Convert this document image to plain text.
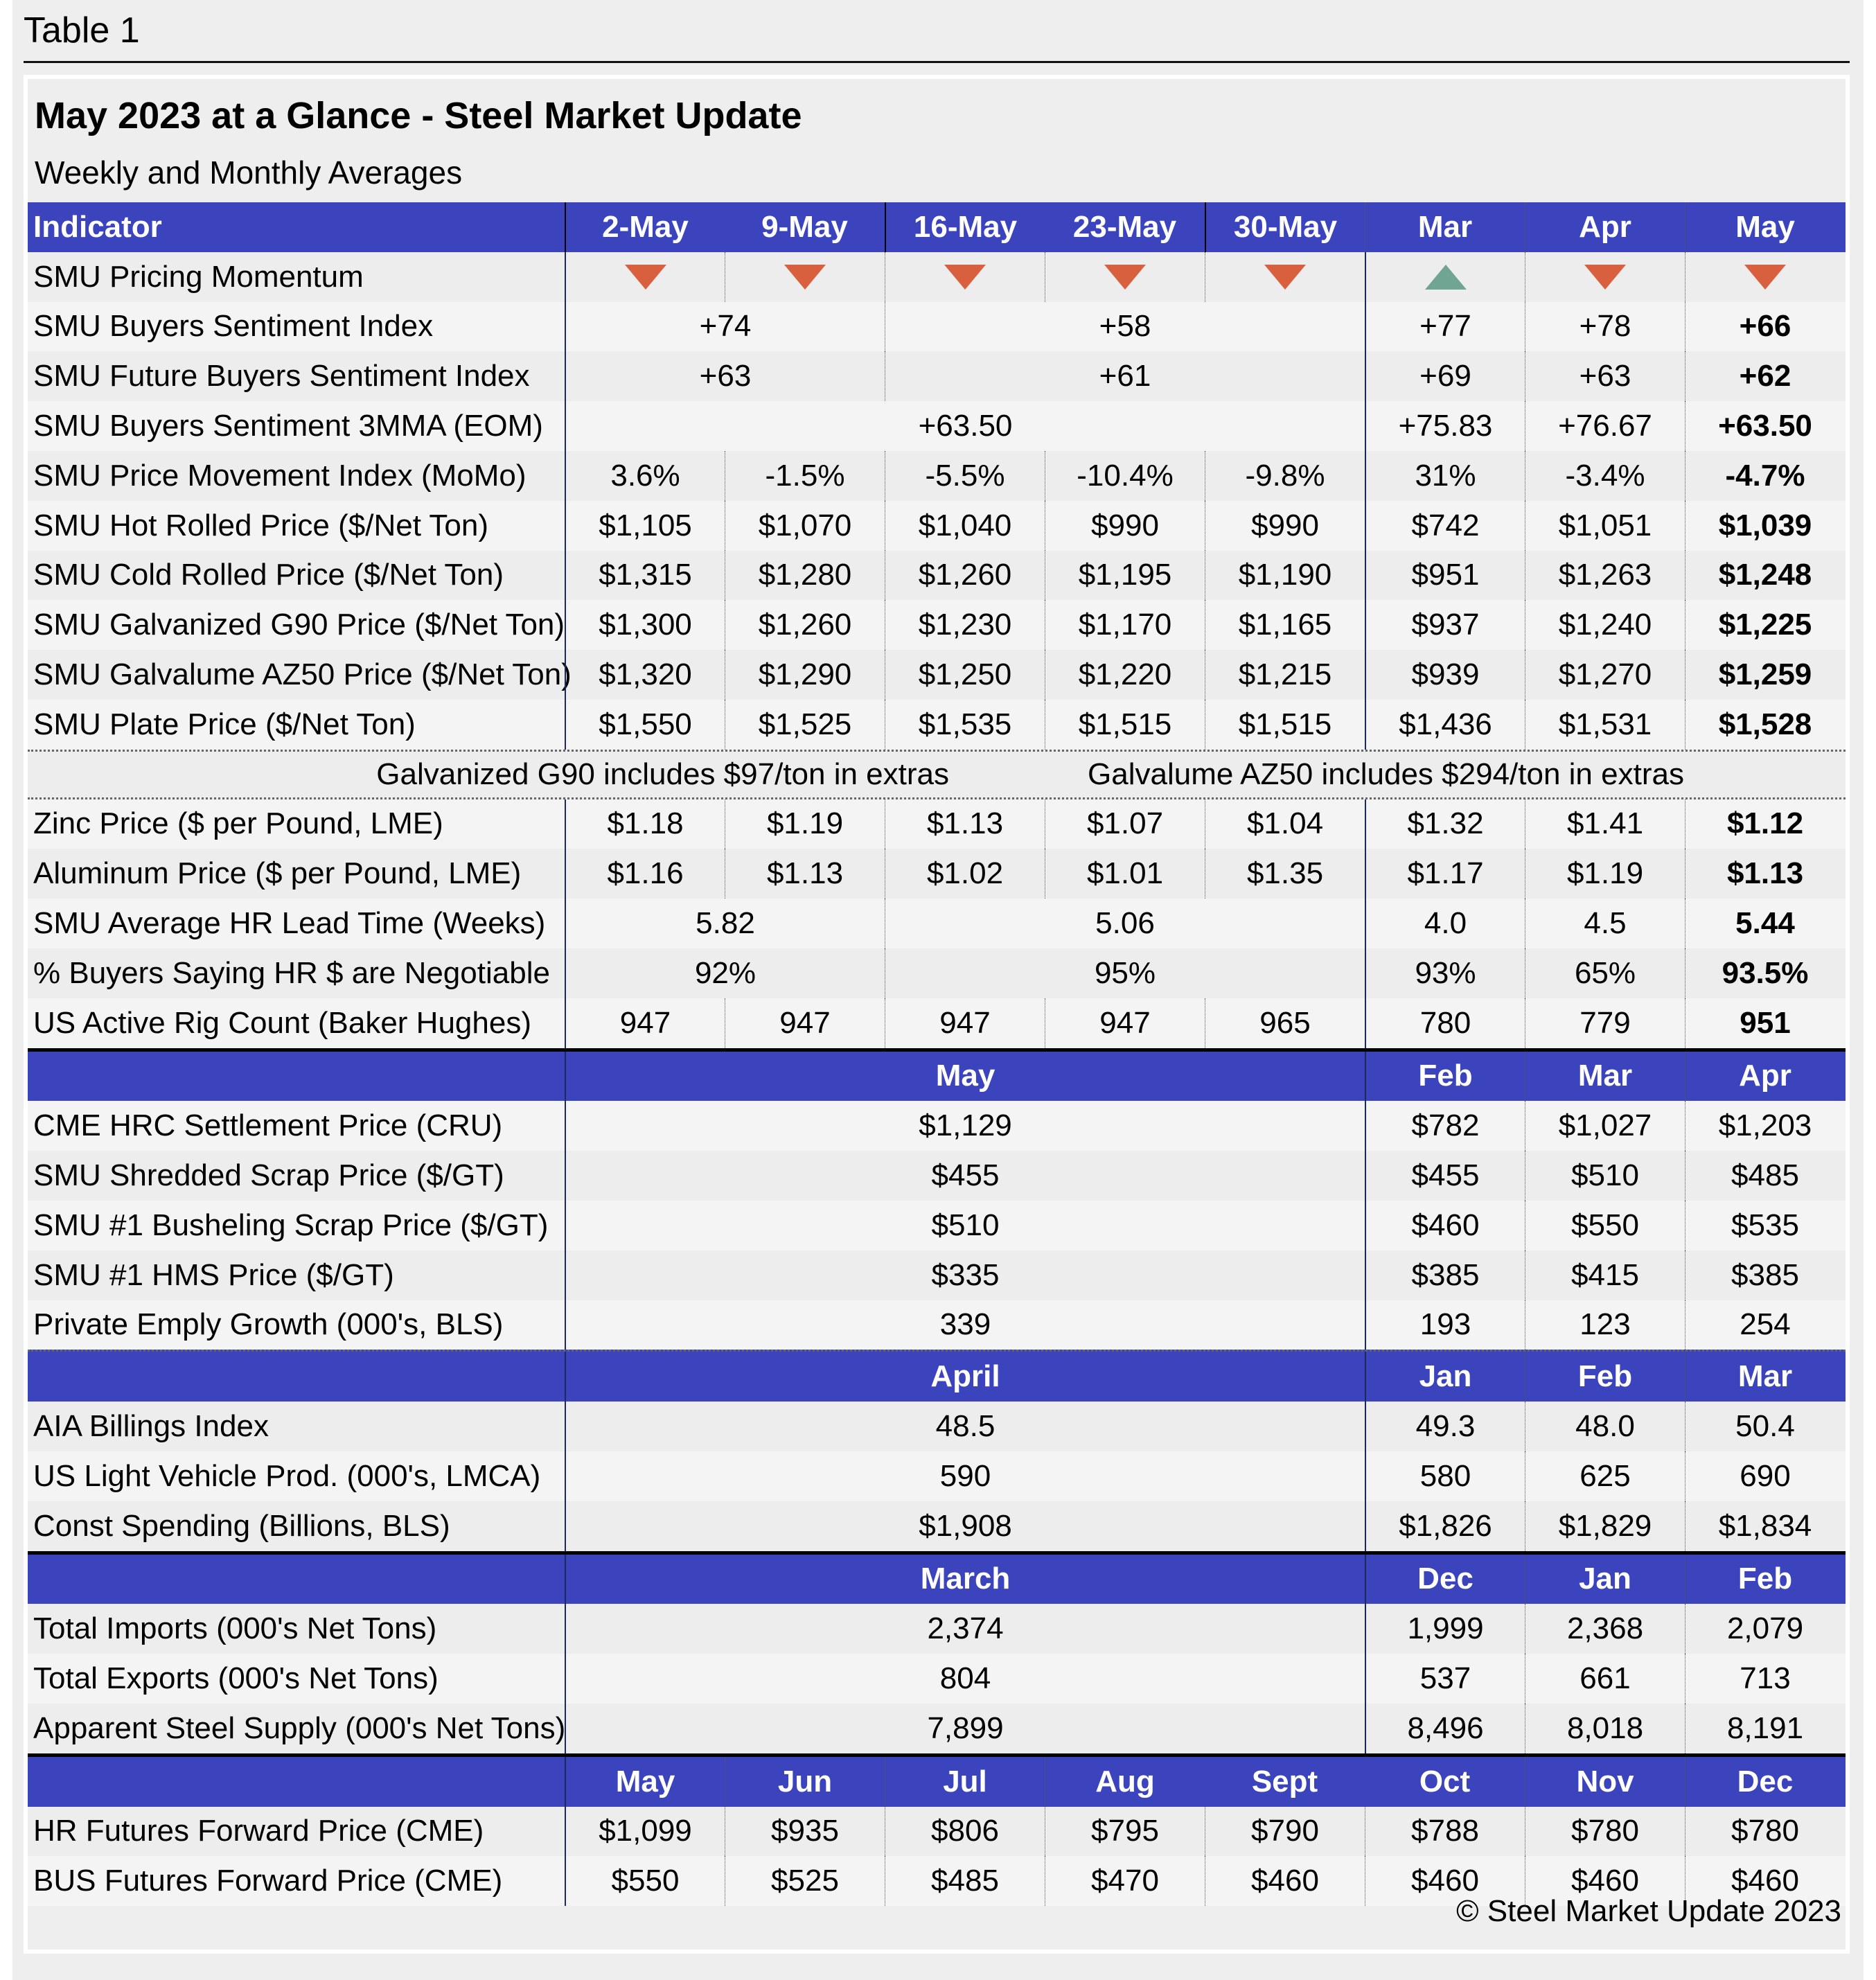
Table 1
May 2023 at a Glance - Steel Market Update
Weekly and Monthly Averages
Indicator	2-May	9-May	16-May	23-May	30-May	Mar	Apr	May
SMU Pricing Momentum
SMU Buyers Sentiment Index	+74	+58	+77	+78	+66
SMU Future Buyers Sentiment Index	+63	+61	+69	+63	+62
SMU Buyers Sentiment 3MMA (EOM)	+63.50	+75.83	+76.67	+63.50
SMU Price Movement Index (MoMo)	3.6%	-1.5%	-5.5%	-10.4%	-9.8%	31%	-3.4%	-4.7%
SMU Hot Rolled Price ($/Net Ton)	$1,105	$1,070	$1,040	$990	$990	$742	$1,051	$1,039
SMU Cold Rolled Price ($/Net Ton)	$1,315	$1,280	$1,260	$1,195	$1,190	$951	$1,263	$1,248
SMU Galvanized G90 Price ($/Net Ton)	$1,300	$1,260	$1,230	$1,170	$1,165	$937	$1,240	$1,225
SMU Galvalume AZ50 Price ($/Net Ton) $1,320	$1,290	$1,250	$1,220	$1,215	$939	$1,270	$1,259
SMU Plate Price ($/Net Ton)	$1,550	$1,525	$1,535	$1,515	$1,515	$1,436	$1,531	$1,528
Galvanized G90 includes $97/ton in extras	Galvalume AZ50 includes $294/ton in extras
Zinc Price ($ per Pound, LME)	$1.18	$1.19	$1.13	$1.07	$1.04	$1.32	$1.41	$1.12
Aluminum Price ($ per Pound, LME)	$1.16	$1.13	$1.02	$1.01	$1.35	$1.17	$1.19	$1.13
SMU Average HR Lead Time (Weeks)	5.82	5.06	4.0	4.5	5.44
% Buyers Saying HR $ are Negotiable	92%	95%	93%	65%	93.5%
US Active Rig Count (Baker Hughes)	947	947	947	947	965	780	779	951
May	Feb	Mar	Apr
CME HRC Settlement Price (CRU)	$1,129	$782	$1,027	$1,203
SMU Shredded Scrap Price ($/GT)	$455	$455	$510	$485
SMU #1 Busheling Scrap Price ($/GT)	$510	$460	$550	$535
SMU #1 HMS Price ($/GT)	$335	$385	$415	$385
Private Emply Growth (000's, BLS)	339	193	123	254
April	Jan	Feb	Mar
AIA Billings Index	48.5	49.3	48.0	50.4
US Light Vehicle Prod. (000's, LMCA)	590	580	625	690
Const Spending (Billions, BLS)	$1,908	$1,826	$1,829	$1,834
March	Dec	Jan	Feb
Total Imports (000's Net Tons)	2,374	1,999	2,368	2,079
Total Exports (000's Net Tons)	804	537	661	713
Apparent Steel Supply (000's Net Tons)	7,899	8,496	8,018	8,191
May	Jun	Jul	Aug	Sept	Oct	Nov	Dec
HR Futures Forward Price (CME)	$1,099	$935	$806	$795	$790	$788	$780	$780
BUS Futures Forward Price (CME)	$550	$525	$485	$470	$460	$460	$460	$460
© Steel Market Update 2023
